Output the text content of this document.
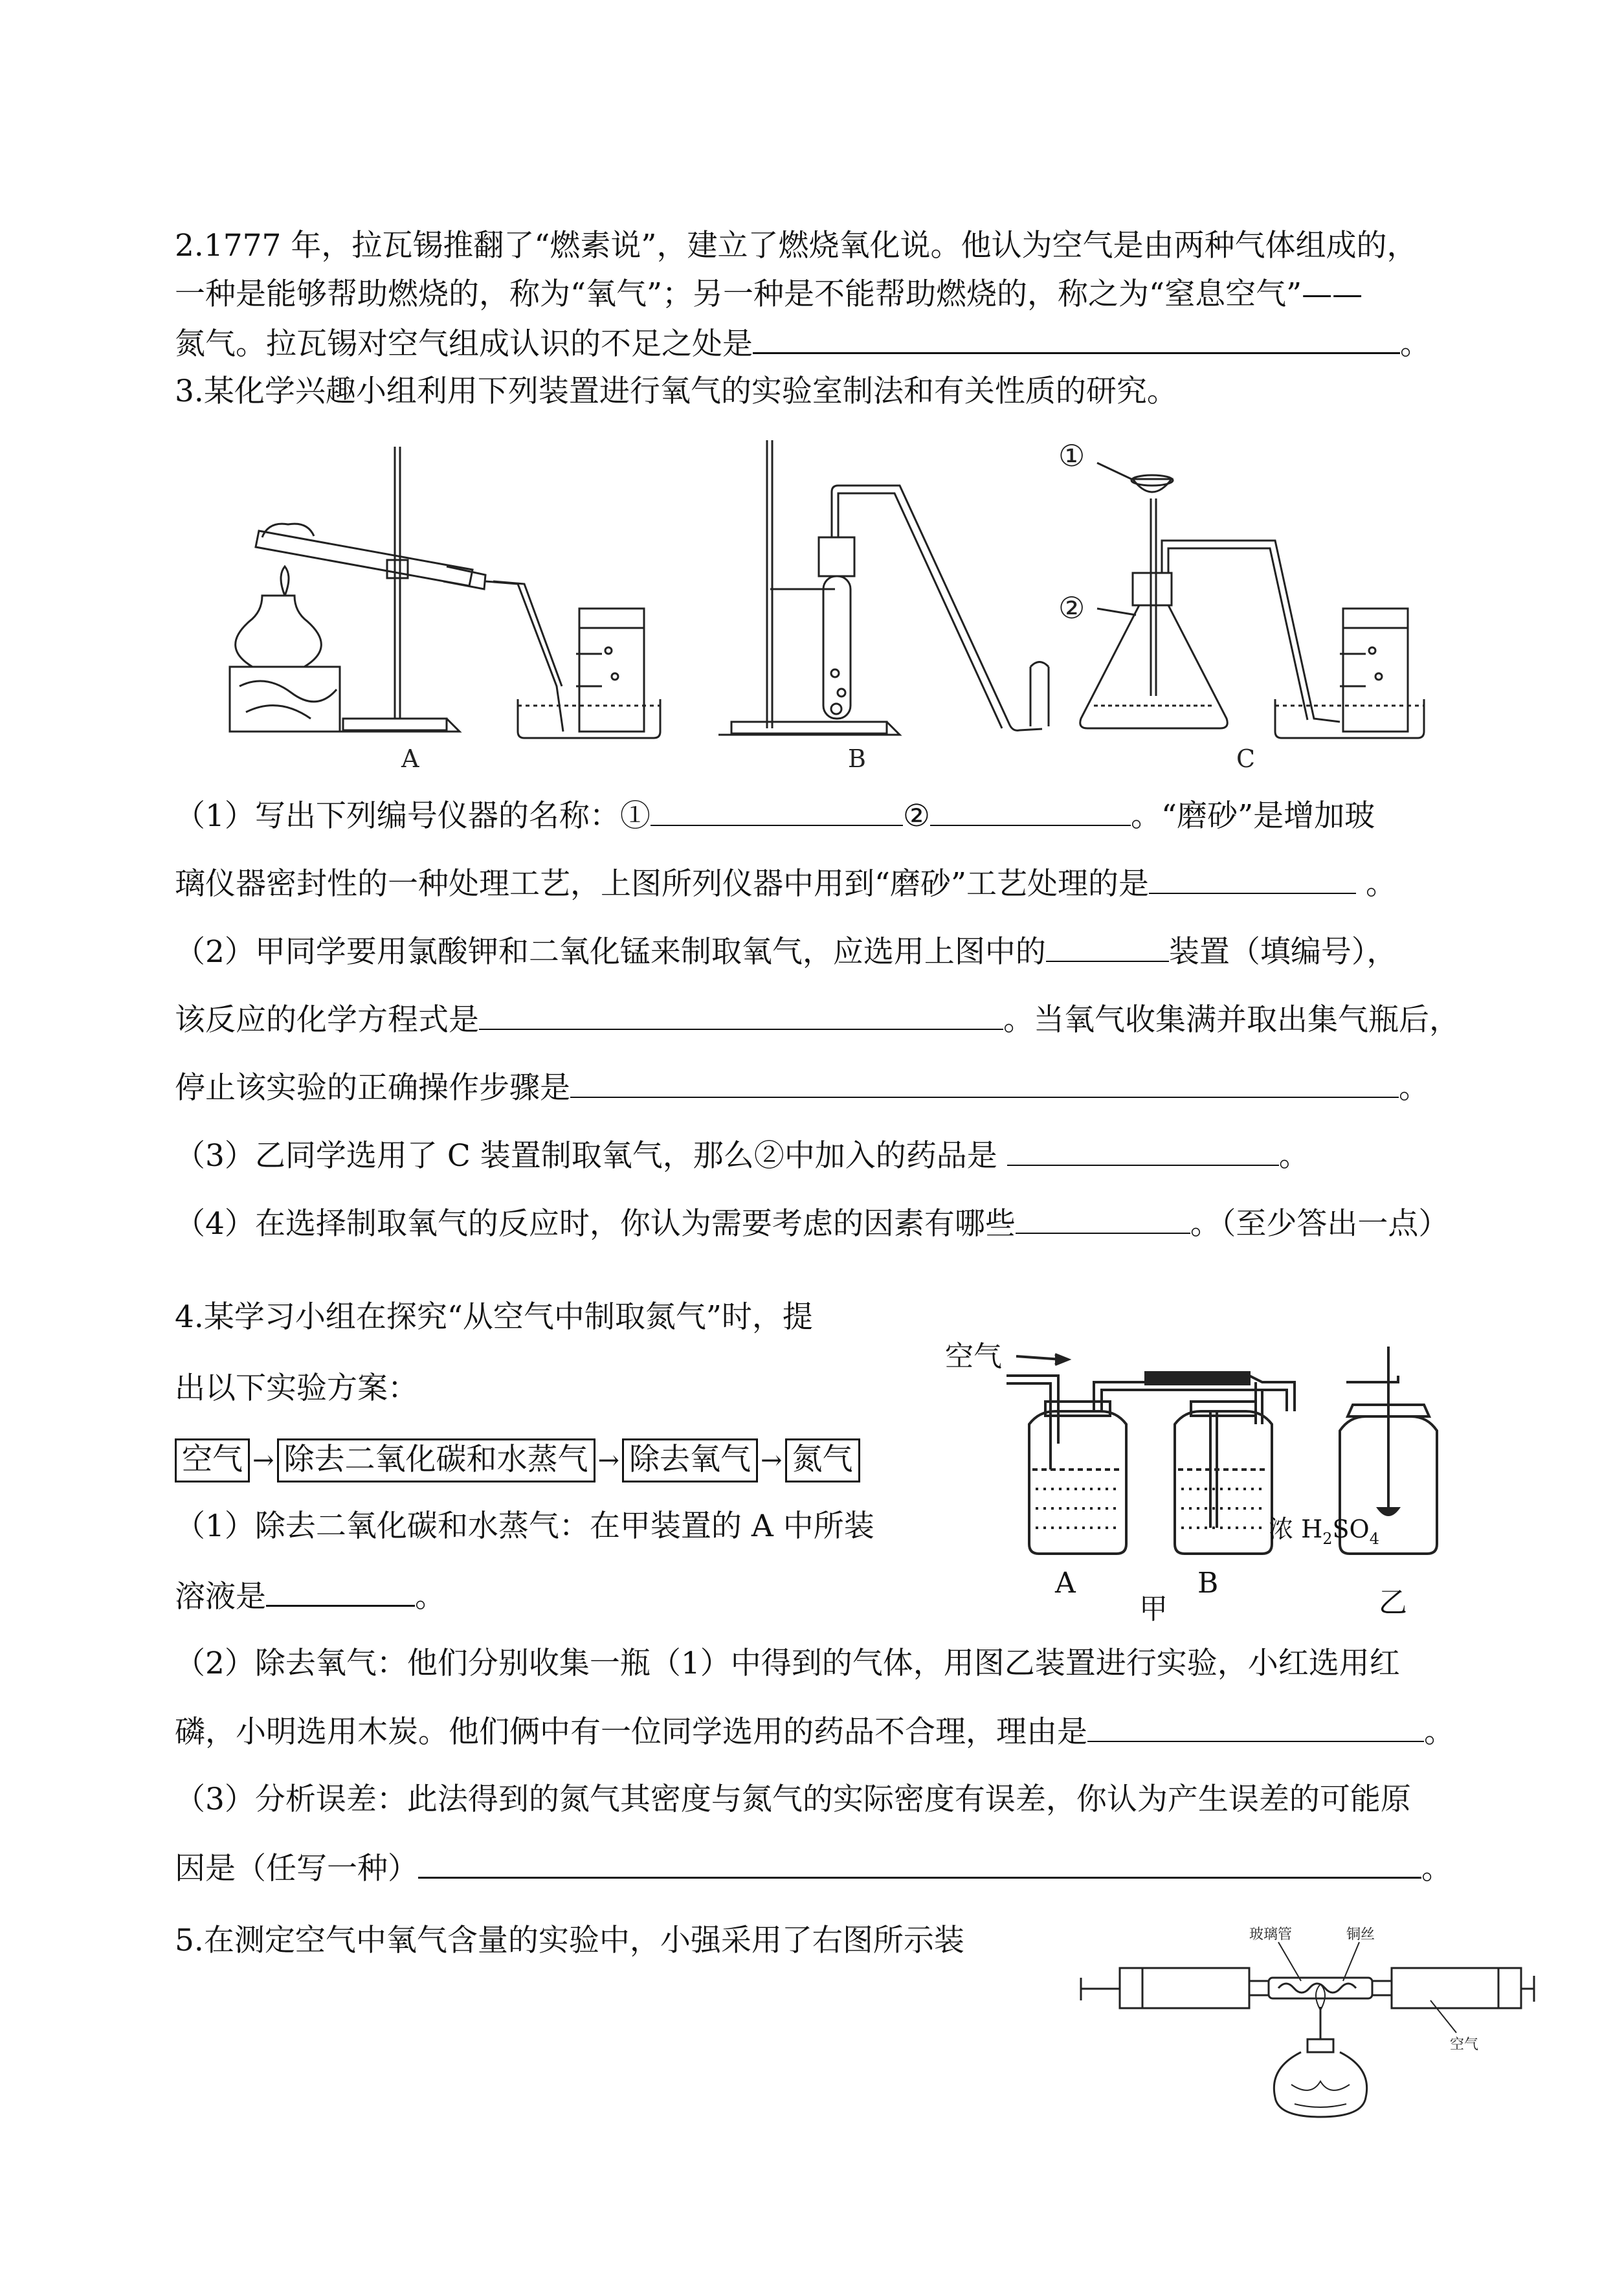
2.1777 年，拉瓦锡推翻了“燃素说”，建立了燃烧氧化说。他认为空气是由两种气体组成的，
一种是能够帮助燃烧的，称为“氧气”；另一种是不能帮助燃烧的，称之为“窒息空气”——
氮气。拉瓦锡对空气组成认识的不足之处是	。
3.某化学兴趣小组利用下列装置进行氧气的实验室制法和有关性质的研究。
A	B	C
①
②
（1）写出下列编号仪器的名称：①	②	。“磨砂”是增加玻
璃仪器密封性的一种处理工艺，上图所列仪器中用到“磨砂”工艺处理的是	。
（2）甲同学要用氯酸钾和二氧化锰来制取氧气，应选用上图中的	装置（填编号），
该反应的化学方程式是	。当氧气收集满并取出集气瓶后，
停止该实验的正确操作步骤是	。
（3）乙同学选用了 C 装置制取氧气，那么②中加入的药品是	。
（4）在选择制取氧气的反应时，你认为需要考虑的因素有哪些	。（至少答出一点）
4.某学习小组在探究“从空气中制取氮气”时，提
出以下实验方案：
空气 → 除去二氧化碳和水蒸气 → 除去氧气 → 氮气
空气
A	B
甲	乙
浓 $H_2SO_4$
（1）除去二氧化碳和水蒸气：在甲装置的 A 中所装
溶液是	。
（2）除去氧气：他们分别收集一瓶（1）中得到的气体，用图乙装置进行实验，小红选用红
磷，小明选用木炭。他们俩中有一位同学选用的药品不合理，理由是	。
（3）分析误差：此法得到的氮气其密度与氮气的实际密度有误差，你认为产生误差的可能原
因是（任写一种）	。
5.在测定空气中氧气含量的实验中，小强采用了右图所示装	玻璃管	铜丝
空气
